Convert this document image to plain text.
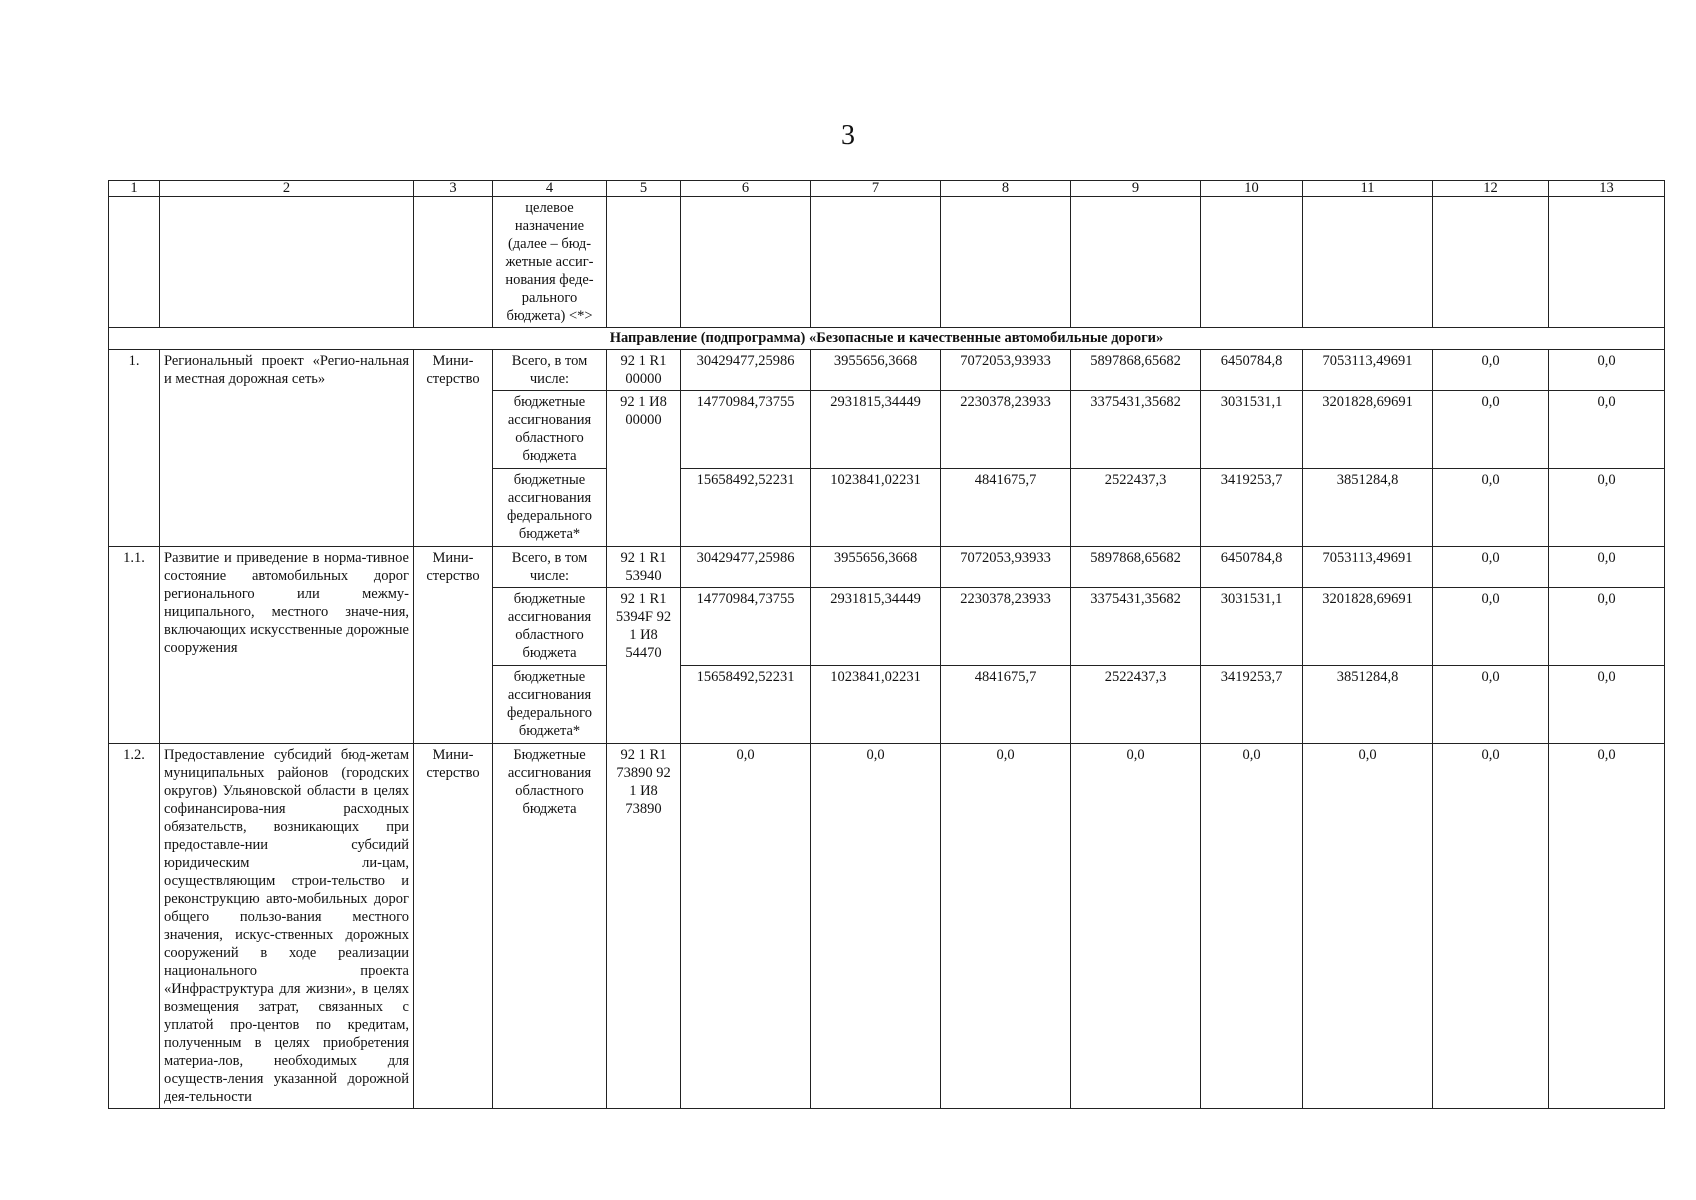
3
1	2	3	4	5	6	7	8	9	10	11	12	13
			целевое назначение (далее – бюд-жетные ассиг-нования феде-рального бюджета) <*>									
Направление (подпрограмма) «Безопасные и качественные автомобильные дороги»												
1.	Региональный проект «Регио-нальная и местная дорожная сеть»	Мини-стерство	Всего, в том числе:	92 1 R1 00000	30429477,25986	3955656,3668	7072053,93933	5897868,65682	6450784,8	7053113,49691	0,0	0,0
			бюджетные ассигнования областного бюджета	92 1 И8 00000	14770984,73755	2931815,34449	2230378,23933	3375431,35682	3031531,1	3201828,69691	0,0	0,0
			бюджетные ассигнования федерального бюджета*		15658492,52231	1023841,02231	4841675,7	2522437,3	3419253,7	3851284,8	0,0	0,0
1.1.	Развитие и приведение в норма-тивное состояние автомобильных дорог регионального или межму-ниципального, местного значе-ния, включающих искусственные дорожные сооружения	Мини-стерство	Всего, в том числе:	92 1 R1 53940	30429477,25986	3955656,3668	7072053,93933	5897868,65682	6450784,8	7053113,49691	0,0	0,0
			бюджетные ассигнования областного бюджета	92 1 R1 5394F 92 1 И8 54470	14770984,73755	2931815,34449	2230378,23933	3375431,35682	3031531,1	3201828,69691	0,0	0,0
			бюджетные ассигнования федерального бюджета*		15658492,52231	1023841,02231	4841675,7	2522437,3	3419253,7	3851284,8	0,0	0,0
1.2.	Предоставление субсидий бюд-жетам муниципальных районов (городских округов) Ульяновской области в целях софинансирова-ния расходных обязательств, возникающих при предоставле-нии субсидий юридическим ли-цам, осуществляющим строи-тельство и реконструкцию авто-мобильных дорог общего пользо-вания местного значения, искус-ственных дорожных сооружений в ходе реализации национального проекта «Инфраструктура для жизни», в целях возмещения затрат, связанных с уплатой про-центов по кредитам, полученным в целях приобретения материа-лов, необходимых для осуществ-ления указанной дорожной дея-тельности	Мини-стерство	Бюджетные ассигнования областного бюджета	92 1 R1 73890 92 1 И8 73890	0,0	0,0	0,0	0,0	0,0	0,0	0,0	0,0
